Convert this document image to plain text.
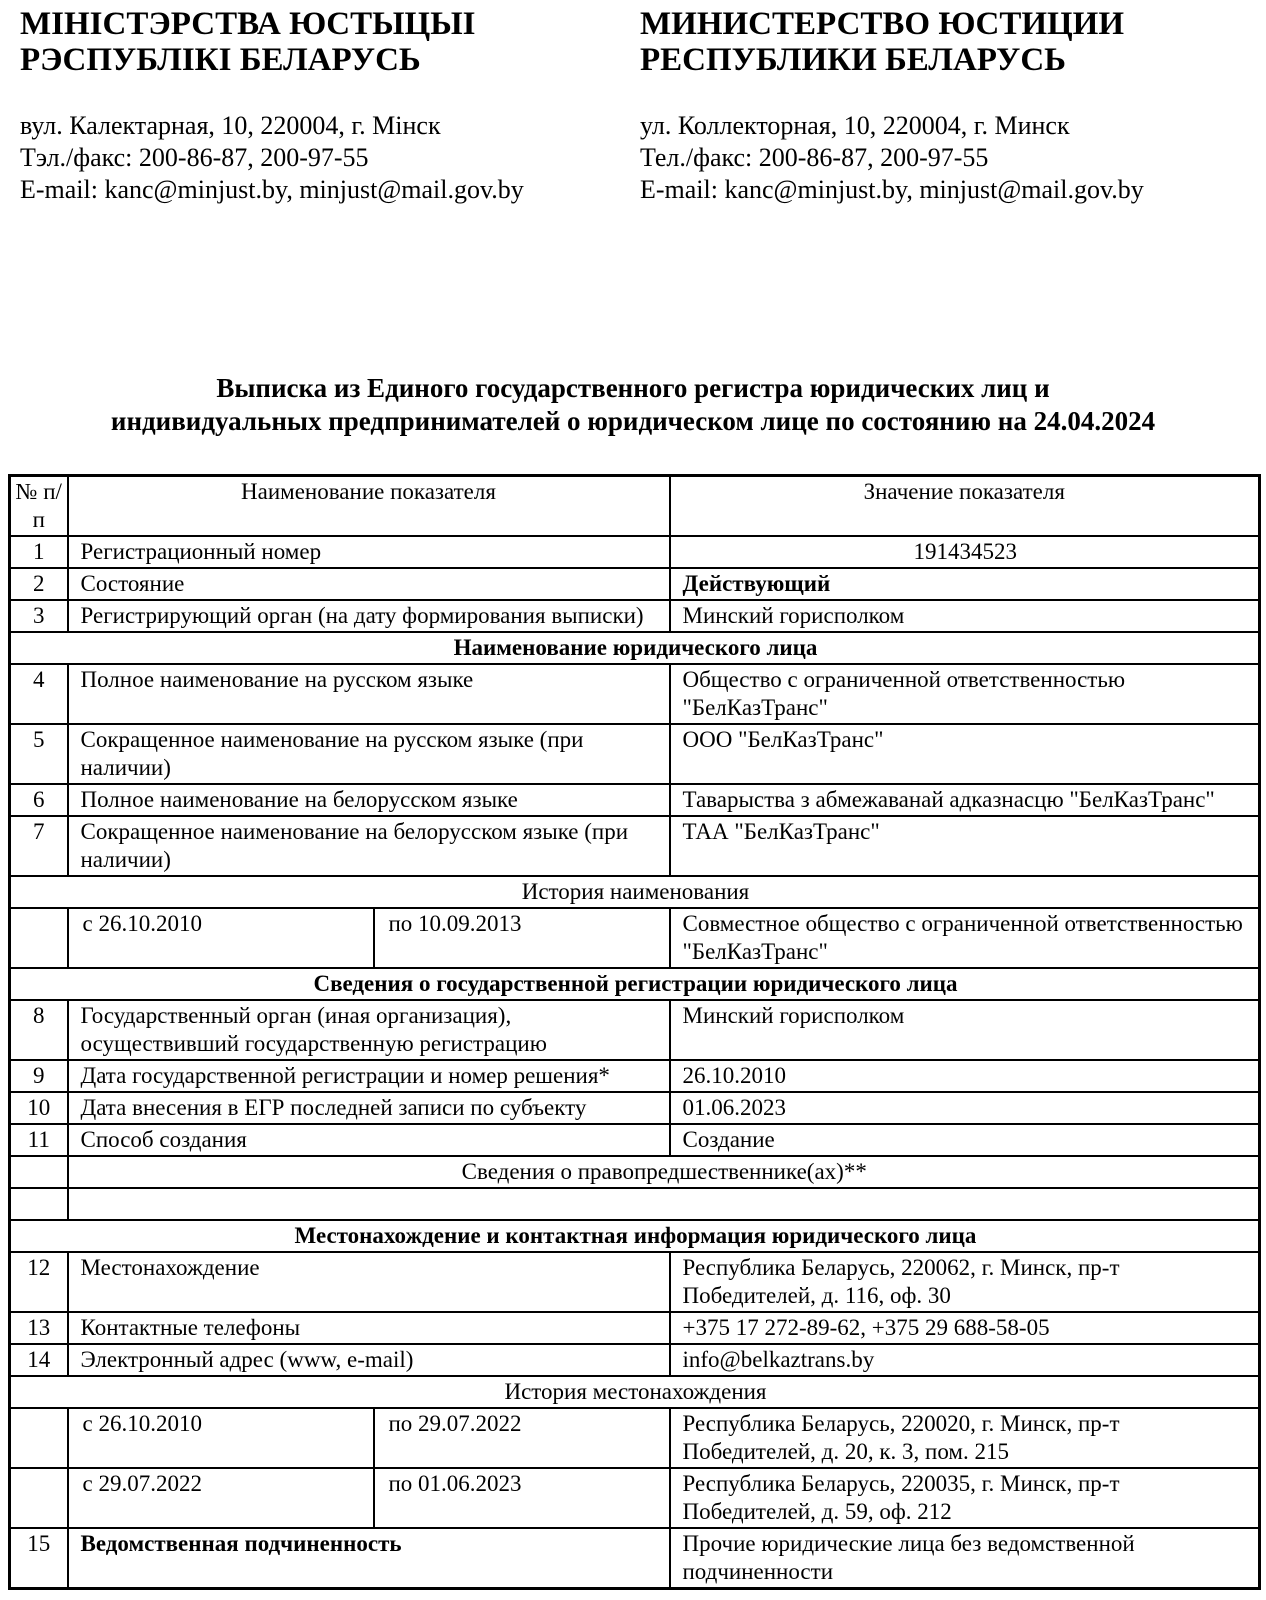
МІНІСТЭРСТВА ЮСТЫЦЫІ
РЭСПУБЛІКІ БЕЛАРУСЬ
вул. Калектарная, 10, 220004, г. Мінск
Тэл./факс: 200-86-87, 200-97-55
E-mail: kanc@minjust.by, minjust@mail.gov.by
МИНИСТЕРСТВО ЮСТИЦИИ
РЕСПУБЛИКИ БЕЛАРУСЬ
ул. Коллекторная, 10, 220004, г. Минск
Тел./факс: 200-86-87, 200-97-55
E-mail: kanc@minjust.by, minjust@mail.gov.by
Выписка из Единого государственного регистра юридических лиц и
индивидуальных предпринимателей о юридическом лице по состоянию на 24.04.2024
№ п/п	Наименование показателя		Значение показателя
1	Регистрационный номер		191434523
2	Состояние		Действующий
3	Регистрирующий орган (на дату формирования выписки)		Минский горисполком
Наименование юридического лица			
4	Полное наименование на русском языке		Общество с ограниченной ответственностью "БелКазТранс"
5	Сокращенное наименование на русском языке (при наличии)		ООО "БелКазТранс"
6	Полное наименование на белорусском языке		Таварыства з абмежаванай адказнасцю "БелКазТранс"
7	Сокращенное наименование на белорусском языке (при наличии)		ТАА "БелКазТранс"
История наименования			
	с 26.10.2010	по 10.09.2013	Совместное общество с ограниченной ответственностью "БелКазТранс"
Сведения о государственной регистрации юридического лица			
8	Государственный орган (иная организация), осуществивший государственную регистрацию		Минский горисполком
9	Дата государственной регистрации и номер решения*		26.10.2010
10	Дата внесения в ЕГР последней записи по субъекту		01.06.2023
11	Способ создания		Создание
	Сведения о правопредшественнике(ах)**		

Местонахождение и контактная информация юридического лица			
12	Местонахождение		Республика Беларусь, 220062, г. Минск, пр-т Победителей, д. 116, оф. 30
13	Контактные телефоны		+375 17 272-89-62, +375 29 688-58-05
14	Электронный адрес (www, e-mail)		info@belkaztrans.by
История местонахождения			
	с 26.10.2010	по 29.07.2022	Республика Беларусь, 220020, г. Минск, пр-т Победителей, д. 20, к. 3, пом. 215
	с 29.07.2022	по 01.06.2023	Республика Беларусь, 220035, г. Минск, пр-т Победителей, д. 59, оф. 212
15	Ведомственная подчиненность		Прочие юридические лица без ведомственной подчиненности
